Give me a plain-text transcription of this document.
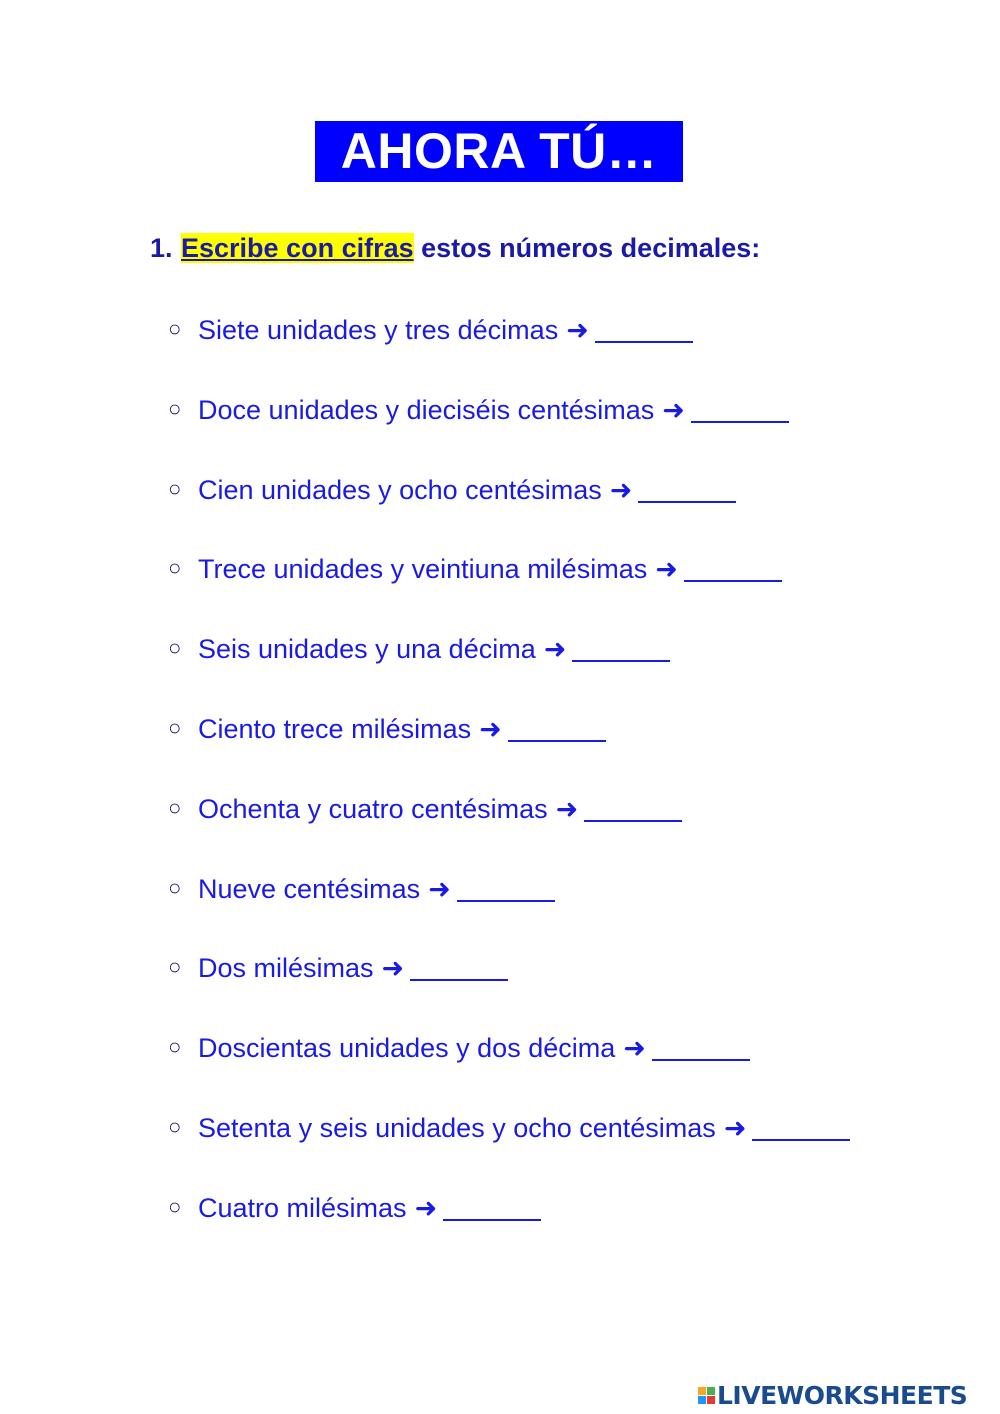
AHORA TÚ…
1. Escribe con cifras estos números decimales:
○ Siete unidades y tres décimas ➜
○ Doce unidades y dieciséis centésimas ➜
○ Cien unidades y ocho centésimas ➜
○ Trece unidades y veintiuna milésimas ➜
○ Seis unidades y una décima ➜
○ Ciento trece milésimas ➜
○ Ochenta y cuatro centésimas ➜
○ Nueve centésimas ➜
○ Dos milésimas ➜
○ Doscientas unidades y dos décima ➜
○ Setenta y seis unidades y ocho centésimas ➜
○ Cuatro milésimas ➜
LIVEWORKSHEETS
